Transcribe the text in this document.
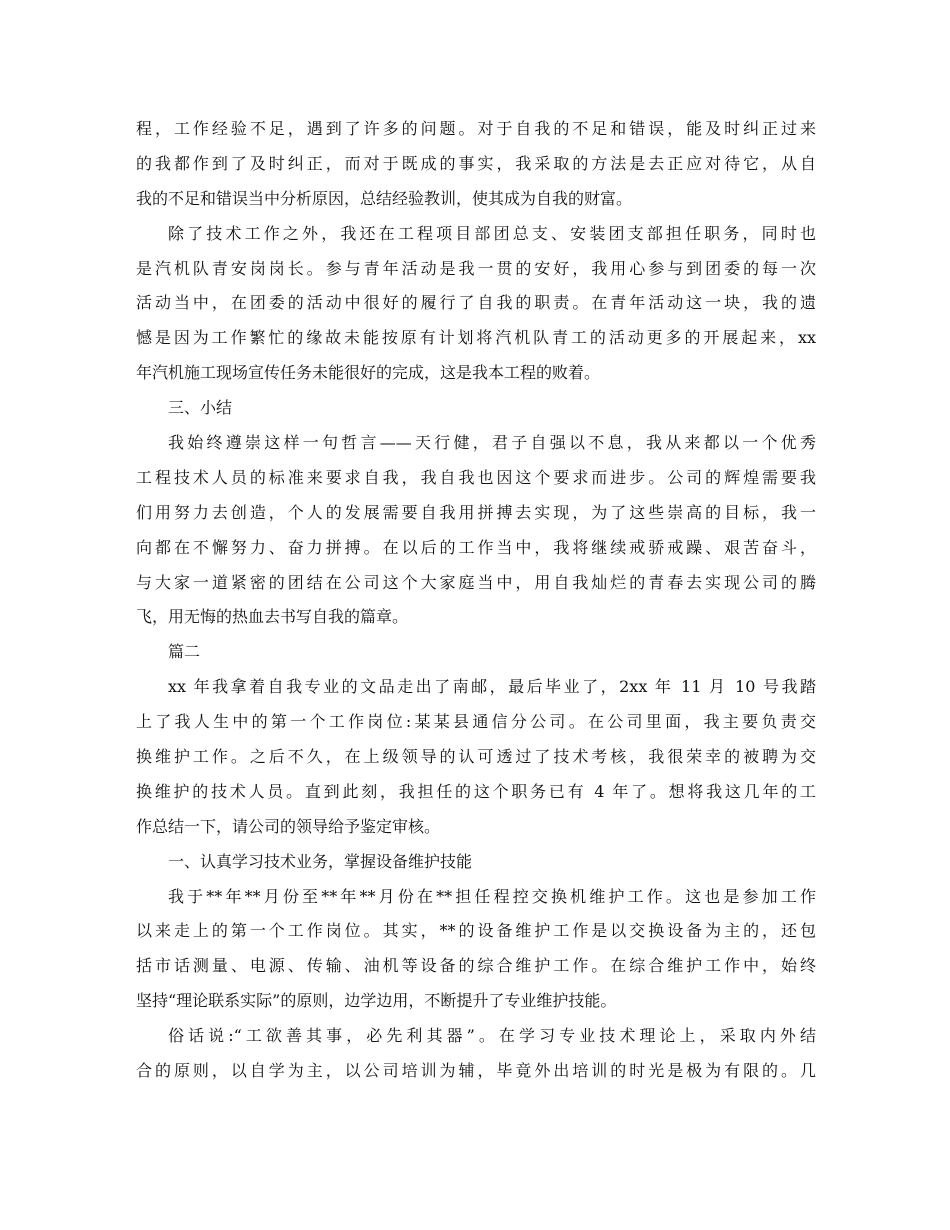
程，工作经验不足，遇到了许多的问题。对于自我的不足和错误，能及时纠正过来

的我都作到了及时纠正，而对于既成的事实，我采取的方法是去正应对待它，从自

我的不足和错误当中分析原因，总结经验教训，使其成为自我的财富。

除了技术工作之外，我还在工程项目部团总支、安装团支部担任职务，同时也

是汽机队青安岗岗长。参与青年活动是我一贯的安好，我用心参与到团委的每一次

活动当中，在团委的活动中很好的履行了自我的职责。在青年活动这一块，我的遗

憾是因为工作繁忙的缘故未能按原有计划将汽机队青工的活动更多的开展起来，xx

年汽机施工现场宣传任务未能很好的完成，这是我本工程的败着。

三、小结

我始终遵崇这样一句哲言——天行健，君子自强以不息，我从来都以一个优秀

工程技术人员的标准来要求自我，我自我也因这个要求而进步。公司的辉煌需要我

们用努力去创造，个人的发展需要自我用拼搏去实现，为了这些崇高的目标，我一

向都在不懈努力、奋力拼搏。在以后的工作当中，我将继续戒骄戒躁、艰苦奋斗，

与大家一道紧密的团结在公司这个大家庭当中，用自我灿烂的青春去实现公司的腾

飞，用无悔的热血去书写自我的篇章。

篇二

xx 年我拿着自我专业的文品走出了南邮，最后毕业了，2xx 年 11 月 10 号我踏

上了我人生中的第一个工作岗位:某某县通信分公司。在公司里面，我主要负责交

换维护工作。之后不久，在上级领导的认可透过了技术考核，我很荣幸的被聘为交

换维护的技术人员。直到此刻，我担任的这个职务已有 4 年了。想将我这几年的工

作总结一下，请公司的领导给予鉴定审核。

一、认真学习技术业务，掌握设备维护技能

我于**年**月份至**年**月份在**担任程控交换机维护工作。这也是参加工作

以来走上的第一个工作岗位。其实，**的设备维护工作是以交换设备为主的，还包

括市话测量、电源、传输、油机等设备的综合维护工作。在综合维护工作中，始终

坚持“理论联系实际”的原则，边学边用，不断提升了专业维护技能。

俗话说:“工欲善其事，必先利其器”。在学习专业技术理论上，采取内外结

合的原则，以自学为主，以公司培训为辅，毕竟外出培训的时光是极为有限的。几
